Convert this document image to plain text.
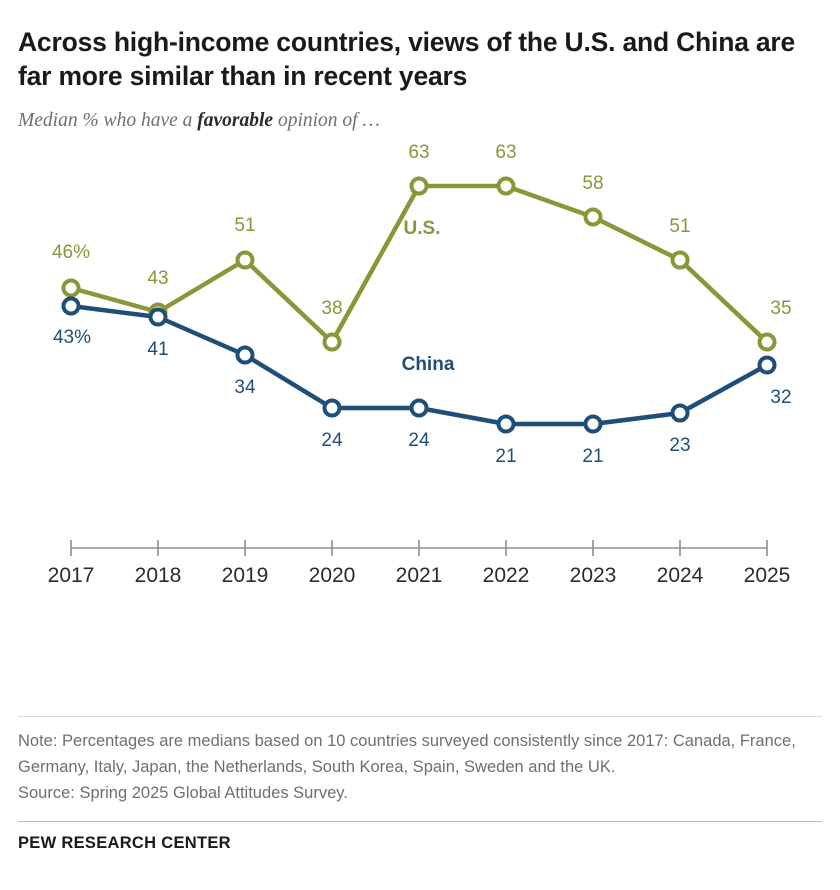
Across high-income countries, views of the U.S. and China are far more similar than in recent years
Median % who have a favorable opinion of …
46%
43
51
38
63	63
58
51
35
43%
41
34
24	24
21	21
23
32
U.S.
China
2017 2018 2019 2020 2021 2022 2023 2024 2025
Note: Percentages are medians based on 10 countries surveyed consistently since 2017: Canada, France, Germany, Italy, Japan, the Netherlands, South Korea, Spain, Sweden and the UK.
Source: Spring 2025 Global Attitudes Survey.
PEW RESEARCH CENTER
